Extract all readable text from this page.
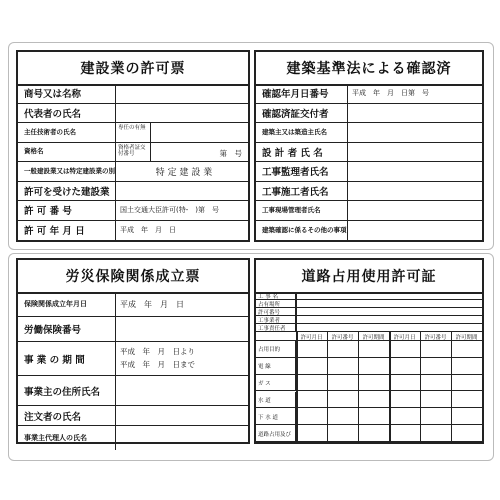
建設業の許可票
商号又は名称
代表者の氏名
主任技術者の氏名	専任の有無
資格名	資格者証交付番号	第　号
一般建設業又は特定建設業の別	特 定 建 設 業
許可を受けた建設業
許 可 番 号	国土交通大臣許可(特-　)第　号
許 可 年 月 日	平成　年　月　日
建築基準法による確認済
確認年月日番号	平成　年　月　日第　号
確認済証交付者
建築主又は築造主氏名
設 計 者 氏 名
工事監理者氏名
工事施工者氏名
工事現場管理者氏名
建築確認に係るその他の事項
労災保険関係成立票
保険関係成立年月日	平成　年　月　日
労働保険番号
事 業 の 期 間
平成　年　月　日より
平成　年　月　日まで
事業主の住所氏名
注文者の氏名
事業主代理人の氏名
道路占用使用許可証
工 事 名
占有場所
許可番号
工事業者
工事責任者
許可月日	許可番号	許可期間	許可月日	許可番号	許可期間
占用目的
電 線
ガ ス
水 道
下 水 道
道路占用及び
